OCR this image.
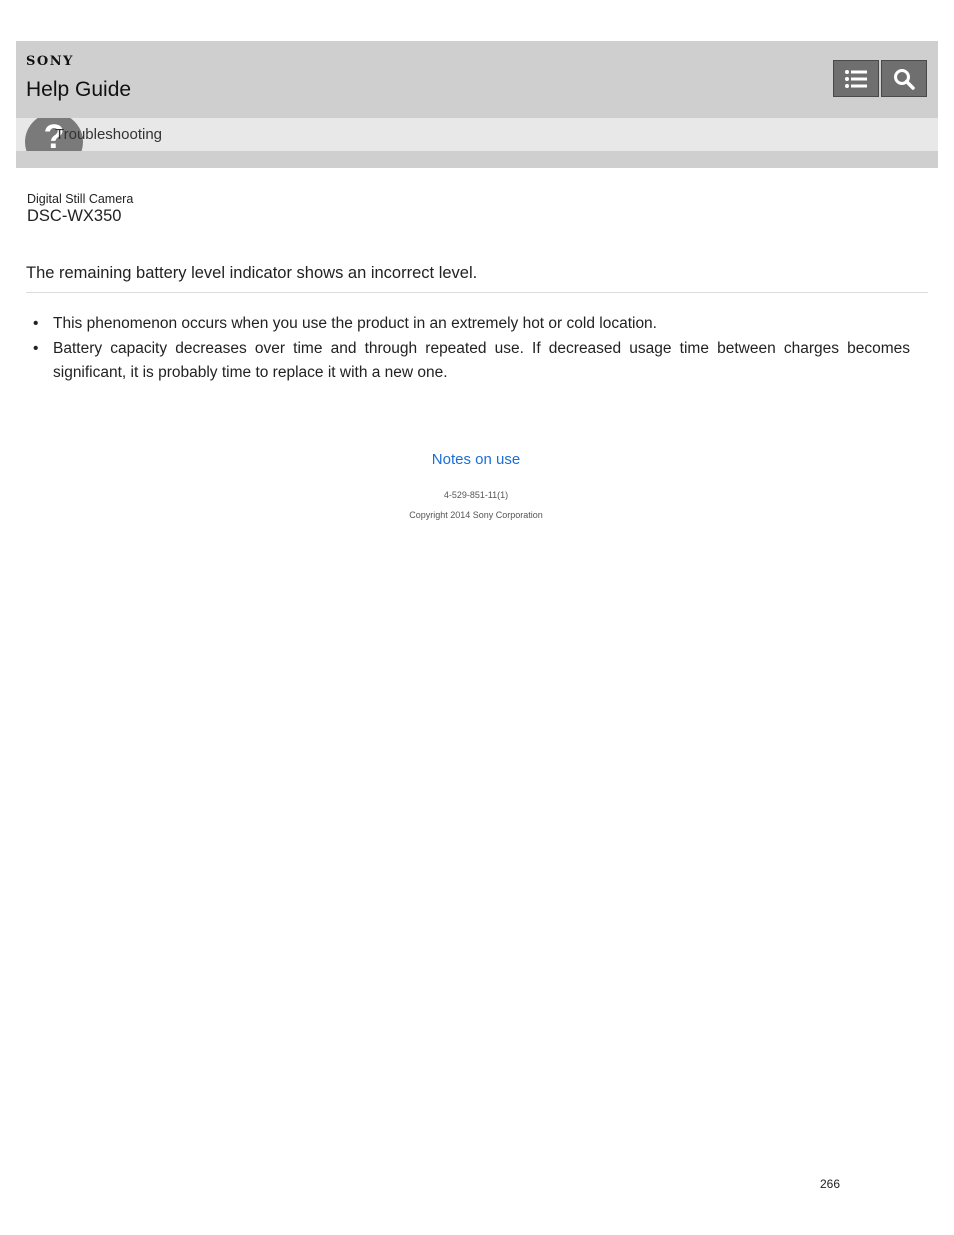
SONY
Help Guide
?
Troubleshooting
Digital Still Camera
DSC-WX350
The remaining battery level indicator shows an incorrect level.
• This phenomenon occurs when you use the product in an extremely hot or cold location.
• Battery capacity decreases over time and through repeated use. If decreased usage time between charges becomes significant, it is probably time to replace it with a new one.
Notes on use
4-529-851-11(1)
Copyright 2014 Sony Corporation
266
